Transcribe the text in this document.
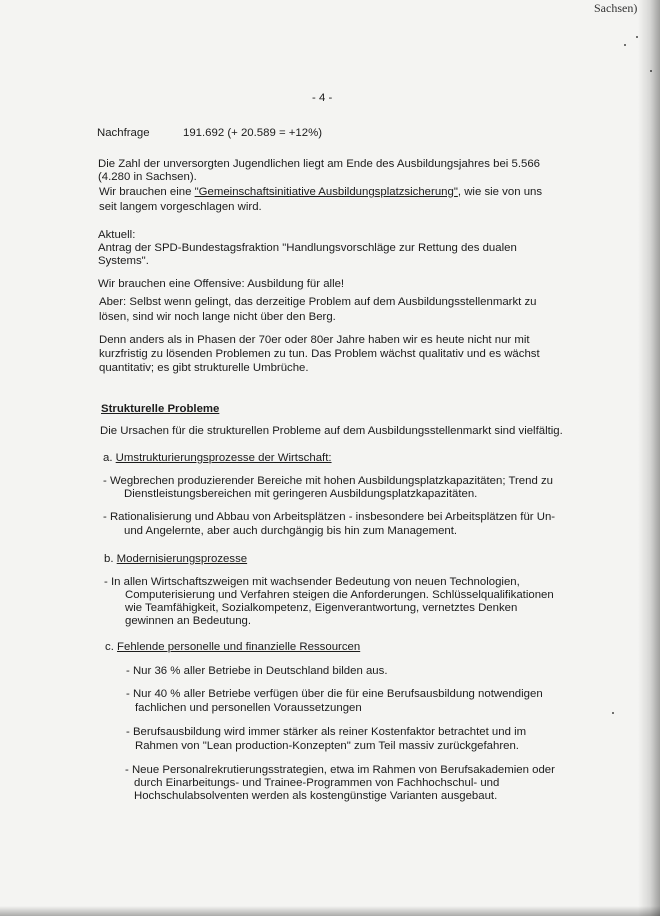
Sachsen)

- 4 -

Nachfrage	191.692 (+ 20.589 = +12%)

Die Zahl der unversorgten Jugendlichen liegt am Ende des Ausbildungsjahres bei 5.566

(4.280 in Sachsen).

Wir brauchen eine "Gemeinschaftsinitiative Ausbildungsplatzsicherung", wie sie von uns

seit langem vorgeschlagen wird.

Aktuell:

Antrag der SPD-Bundestagsfraktion "Handlungsvorschläge zur Rettung des dualen

Systems".

Wir brauchen eine Offensive: Ausbildung für alle!

Aber: Selbst wenn gelingt, das derzeitige Problem auf dem Ausbildungsstellenmarkt zu

lösen, sind wir noch lange nicht über den Berg.

Denn anders als in Phasen der 70er oder 80er Jahre haben wir es heute nicht nur mit

kurzfristig zu lösenden Problemen zu tun. Das Problem wächst qualitativ und es wächst

quantitativ; es gibt strukturelle Umbrüche.

Strukturelle Probleme

Die Ursachen für die strukturellen Probleme auf dem Ausbildungsstellenmarkt sind vielfältig.

a. Umstrukturierungsprozesse der Wirtschaft:

- Wegbrechen produzierender Bereiche mit hohen Ausbildungsplatzkapazitäten; Trend zu

Dienstleistungsbereichen mit geringeren Ausbildungsplatzkapazitäten.

- Rationalisierung und Abbau von Arbeitsplätzen - insbesondere bei Arbeitsplätzen für Un-

und Angelernte, aber auch durchgängig bis hin zum Management.

b. Modernisierungsprozesse

- In allen Wirtschaftszweigen mit wachsender Bedeutung von neuen Technologien,

Computerisierung und Verfahren steigen die Anforderungen. Schlüsselqualifikationen

wie Teamfähigkeit, Sozialkompetenz, Eigenverantwortung, vernetztes Denken

gewinnen an Bedeutung.

c. Fehlende personelle und finanzielle Ressourcen

- Nur 36 % aller Betriebe in Deutschland bilden aus.

- Nur 40 % aller Betriebe verfügen über die für eine Berufsausbildung notwendigen

fachlichen und personellen Voraussetzungen

- Berufsausbildung wird immer stärker als reiner Kostenfaktor betrachtet und im

Rahmen von "Lean production-Konzepten" zum Teil massiv zurückgefahren.

- Neue Personalrekrutierungsstrategien, etwa im Rahmen von Berufsakademien oder

durch Einarbeitungs- und Trainee-Programmen von Fachhochschul- und

Hochschulabsolventen werden als kostengünstige Varianten ausgebaut.
